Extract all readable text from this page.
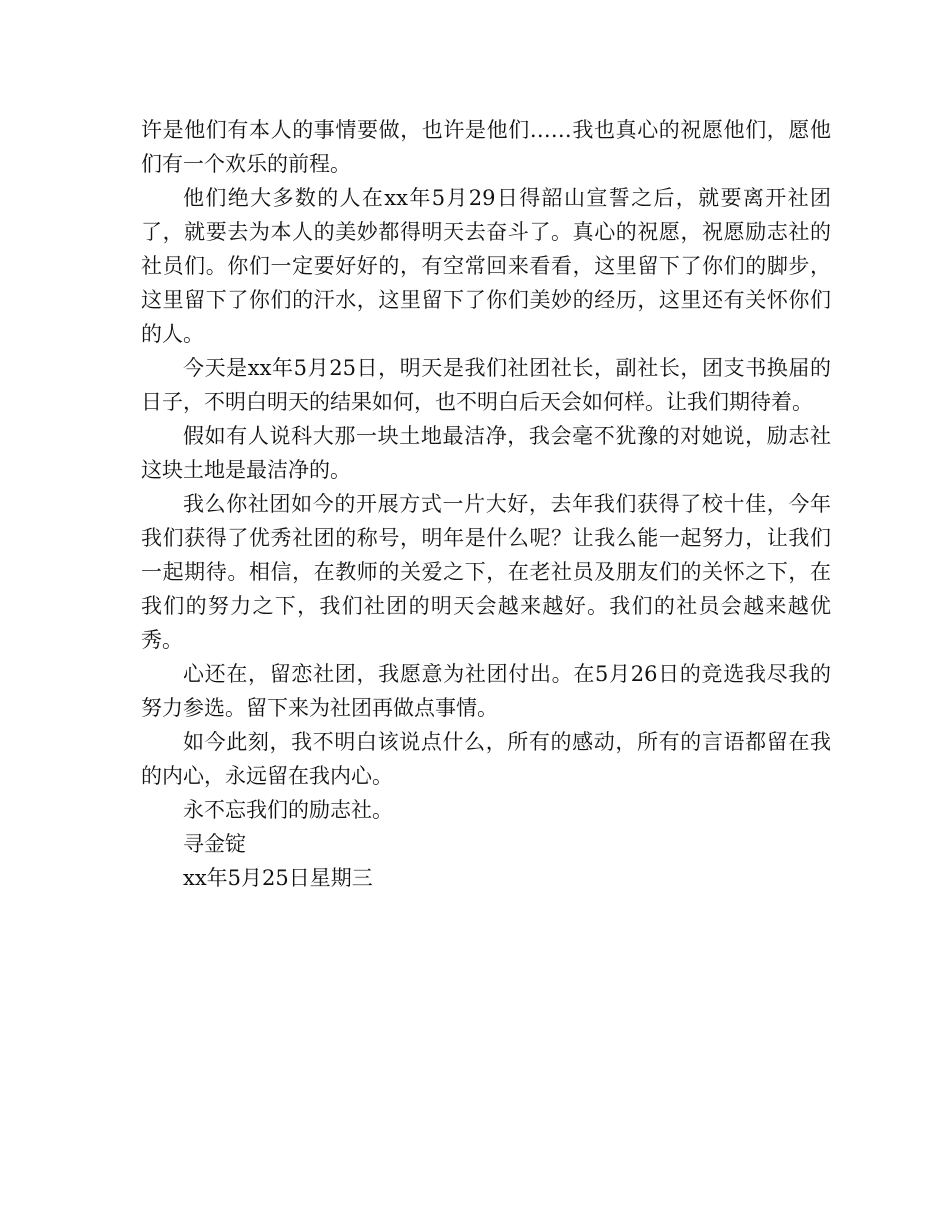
许是他们有本人的事情要做，也许是他们……我也真心的祝愿他们，愿他们有一个欢乐的前程。

他们绝大多数的人在xx年5月29日得韶山宣誓之后，就要离开社团了，就要去为本人的美妙都得明天去奋斗了。真心的祝愿，祝愿励志社的社员们。你们一定要好好的，有空常回来看看，这里留下了你们的脚步，这里留下了你们的汗水，这里留下了你们美妙的经历，这里还有关怀你们的人。

今天是xx年5月25日，明天是我们社团社长，副社长，团支书换届的日子，不明白明天的结果如何，也不明白后天会如何样。让我们期待着。

假如有人说科大那一块土地最洁净，我会毫不犹豫的对她说，励志社这块土地是最洁净的。

我么你社团如今的开展方式一片大好，去年我们获得了校十佳，今年我们获得了优秀社团的称号，明年是什么呢？让我么能一起努力，让我们一起期待。相信，在教师的关爱之下，在老社员及朋友们的关怀之下，在我们的努力之下，我们社团的明天会越来越好。我们的社员会越来越优秀。

心还在，留恋社团，我愿意为社团付出。在5月26日的竞选我尽我的努力参选。留下来为社团再做点事情。

如今此刻，我不明白该说点什么，所有的感动，所有的言语都留在我的内心，永远留在我内心。

永不忘我们的励志社。

寻金锭

xx年5月25日星期三
